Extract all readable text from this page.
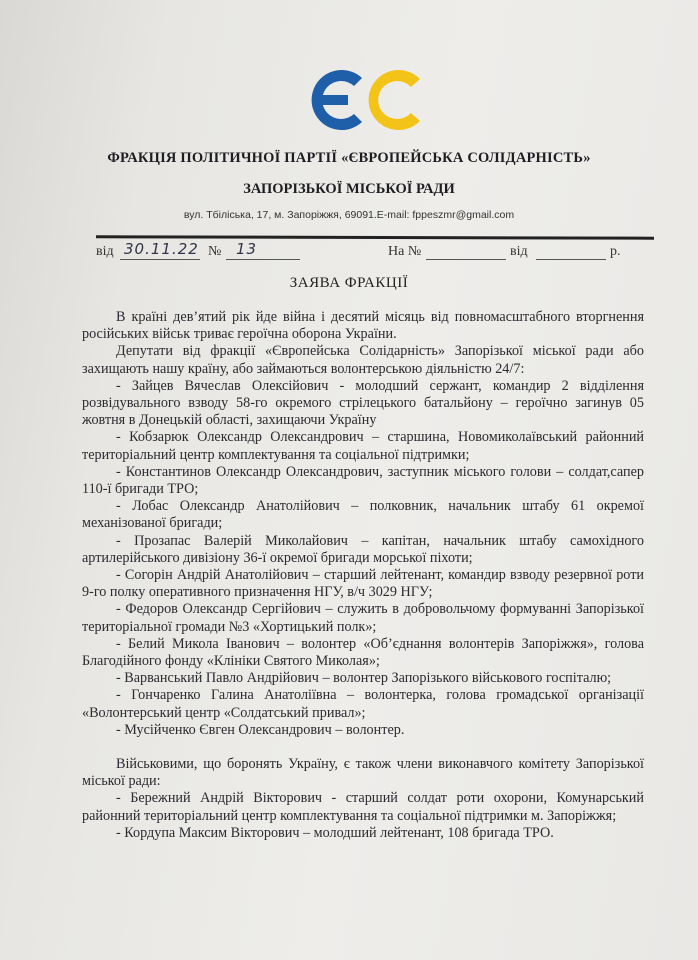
ФРАКЦІЯ ПОЛІТИЧНОЇ ПАРТІЇ «ЄВРОПЕЙСЬКА СОЛІДАРНІСТЬ»
ЗАПОРІЗЬКОЇ МІСЬКОЇ РАДИ
вул. Тбіліська, 17, м. Запоріжжя, 69091.E-mail: fppeszmr@gmail.com
від 30.11.22 № 13	На №	від	р.
ЗАЯВА ФРАКЦІЇ

В країні дев’ятий рік йде війна і десятий місяць від повномасштабного вторгнення російських військ триває героїчна оборона України.

Депутати від фракції «Європейська Солідарність» Запорізької міської ради або захищають нашу країну, або займаються волонтерською діяльністю 24/7:

- Зайцев Вячеслав Олексійович - молодший сержант, командир 2 відділення розвідувального взводу 58-го окремого стрілецького батальйону – героїчно загинув 05 жовтня в Донецькій області, захищаючи Україну

- Кобзарюк Олександр Олександрович – старшина, Новомиколаївський районний територіальний центр комплектування та соціальної підтримки;

- Константинов Олександр Олександрович, заступник міського голови – солдат,сапер 110-ї бригади ТРО;

- Лобас Олександр Анатолійович – полковник, начальник штабу 61 окремої механізованої бригади;

- Прозапас Валерій Миколайович – капітан, начальник штабу самохідного артилерійського дивізіону 36-ї окремої бригади морської піхоти;

- Согорін Андрій Анатолійович – старший лейтенант, командир взводу резервної роти 9-го полку оперативного призначення НГУ, в/ч 3029 НГУ;

- Федоров Олександр Сергійович – служить в добровольчому формуванні Запорізької територіальної громади №3 «Хортицький полк»;

- Белий Микола Іванович – волонтер «Об’єднання волонтерів Запоріжжя», голова Благодійного фонду «Клініки Святого Миколая»;

- Варванський Павло Андрійович – волонтер Запорізького військового госпіталю;

- Гончаренко Галина Анатоліївна – волонтерка, голова громадської організації «Волонтерський центр «Солдатський привал»;

- Мусійченко Євген Олександрович – волонтер.

Військовими, що боронять Україну, є також члени виконавчого комітету Запорізької міської ради:

- Бережний Андрій Вікторович - старший солдат роти охорони, Комунарський районний територіальний центр комплектування та соціальної підтримки м. Запоріжжя;

- Кордупа Максим Вікторович – молодший лейтенант, 108 бригада ТРО.
